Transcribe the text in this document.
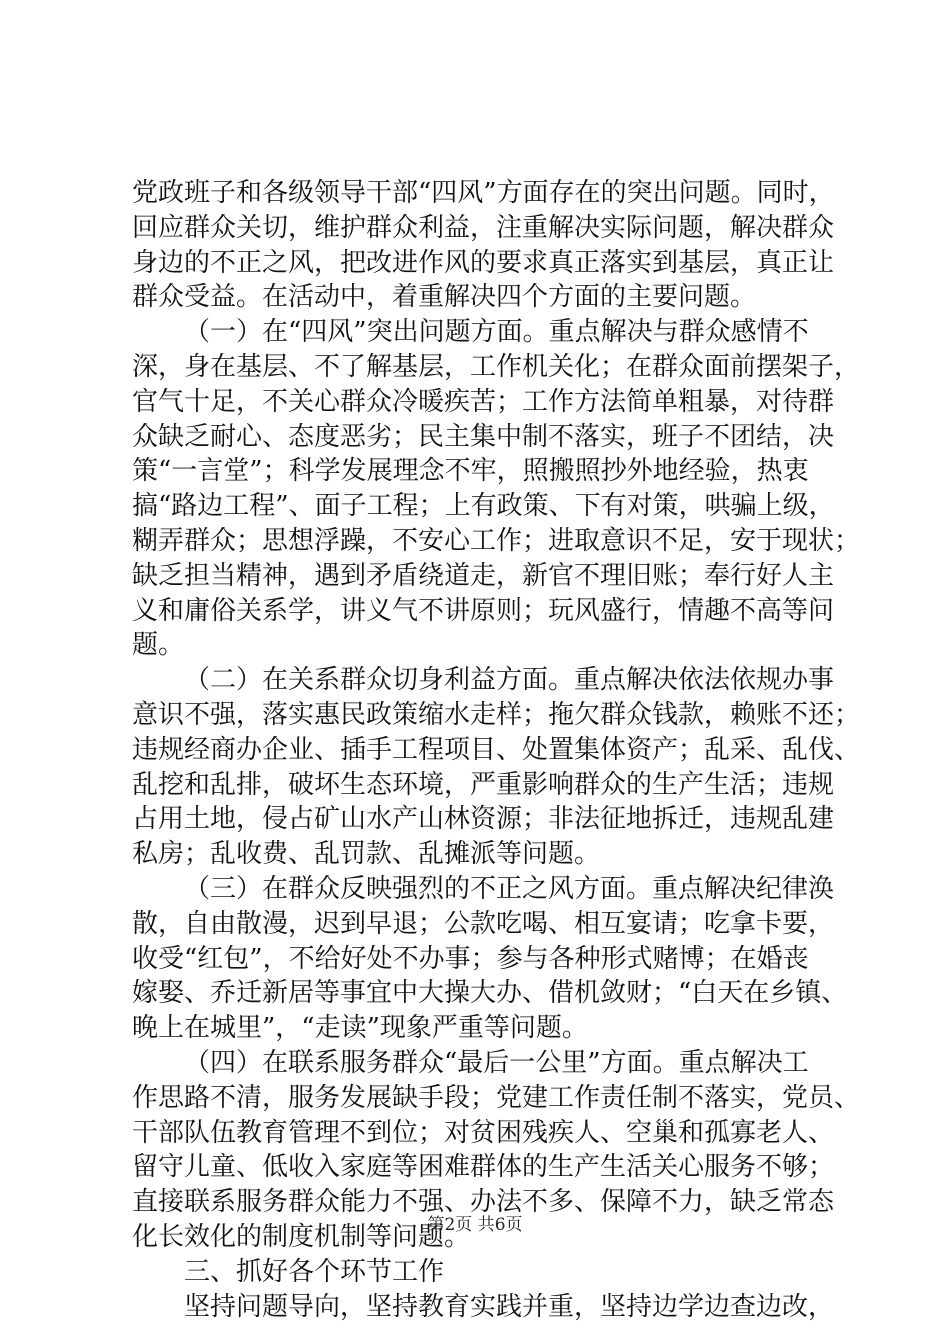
党政班子和各级领导干部“四风”方面存在的突出问题。同时，
回应群众关切，维护群众利益，注重解决实际问题，解决群众
身边的不正之风，把改进作风的要求真正落实到基层，真正让
群众受益。在活动中，着重解决四个方面的主要问题。
（一）在“四风”突出问题方面。重点解决与群众感情不
深，身在基层、不了解基层，工作机关化；在群众面前摆架子，
官气十足，不关心群众冷暖疾苦；工作方法简单粗暴，对待群
众缺乏耐心、态度恶劣；民主集中制不落实，班子不团结，决
策“一言堂”；科学发展理念不牢，照搬照抄外地经验，热衷
搞“路边工程”、面子工程；上有政策、下有对策，哄骗上级，
糊弄群众；思想浮躁，不安心工作；进取意识不足，安于现状；
缺乏担当精神，遇到矛盾绕道走，新官不理旧账；奉行好人主
义和庸俗关系学，讲义气不讲原则；玩风盛行，情趣不高等问
题。
（二）在关系群众切身利益方面。重点解决依法依规办事
意识不强，落实惠民政策缩水走样；拖欠群众钱款，赖账不还；
违规经商办企业、插手工程项目、处置集体资产；乱采、乱伐、
乱挖和乱排，破坏生态环境，严重影响群众的生产生活；违规
占用土地，侵占矿山水产山林资源；非法征地拆迁，违规乱建
私房；乱收费、乱罚款、乱摊派等问题。
（三）在群众反映强烈的不正之风方面。重点解决纪律涣
散，自由散漫，迟到早退；公款吃喝、相互宴请；吃拿卡要，
收受“红包”，不给好处不办事；参与各种形式赌博；在婚丧
嫁娶、乔迁新居等事宜中大操大办、借机敛财；“白天在乡镇、
晚上在城里”，“走读”现象严重等问题。
（四）在联系服务群众“最后一公里”方面。重点解决工
作思路不清，服务发展缺手段；党建工作责任制不落实，党员、
干部队伍教育管理不到位；对贫困残疾人、空巢和孤寡老人、
留守儿童、低收入家庭等困难群体的生产生活关心服务不够；
直接联系服务群众能力不强、办法不多、保障不力，缺乏常态
化长效化的制度机制等问题。
三、抓好各个环节工作
坚持问题导向，坚持教育实践并重，坚持边学边查边改，
第2页 共6页
